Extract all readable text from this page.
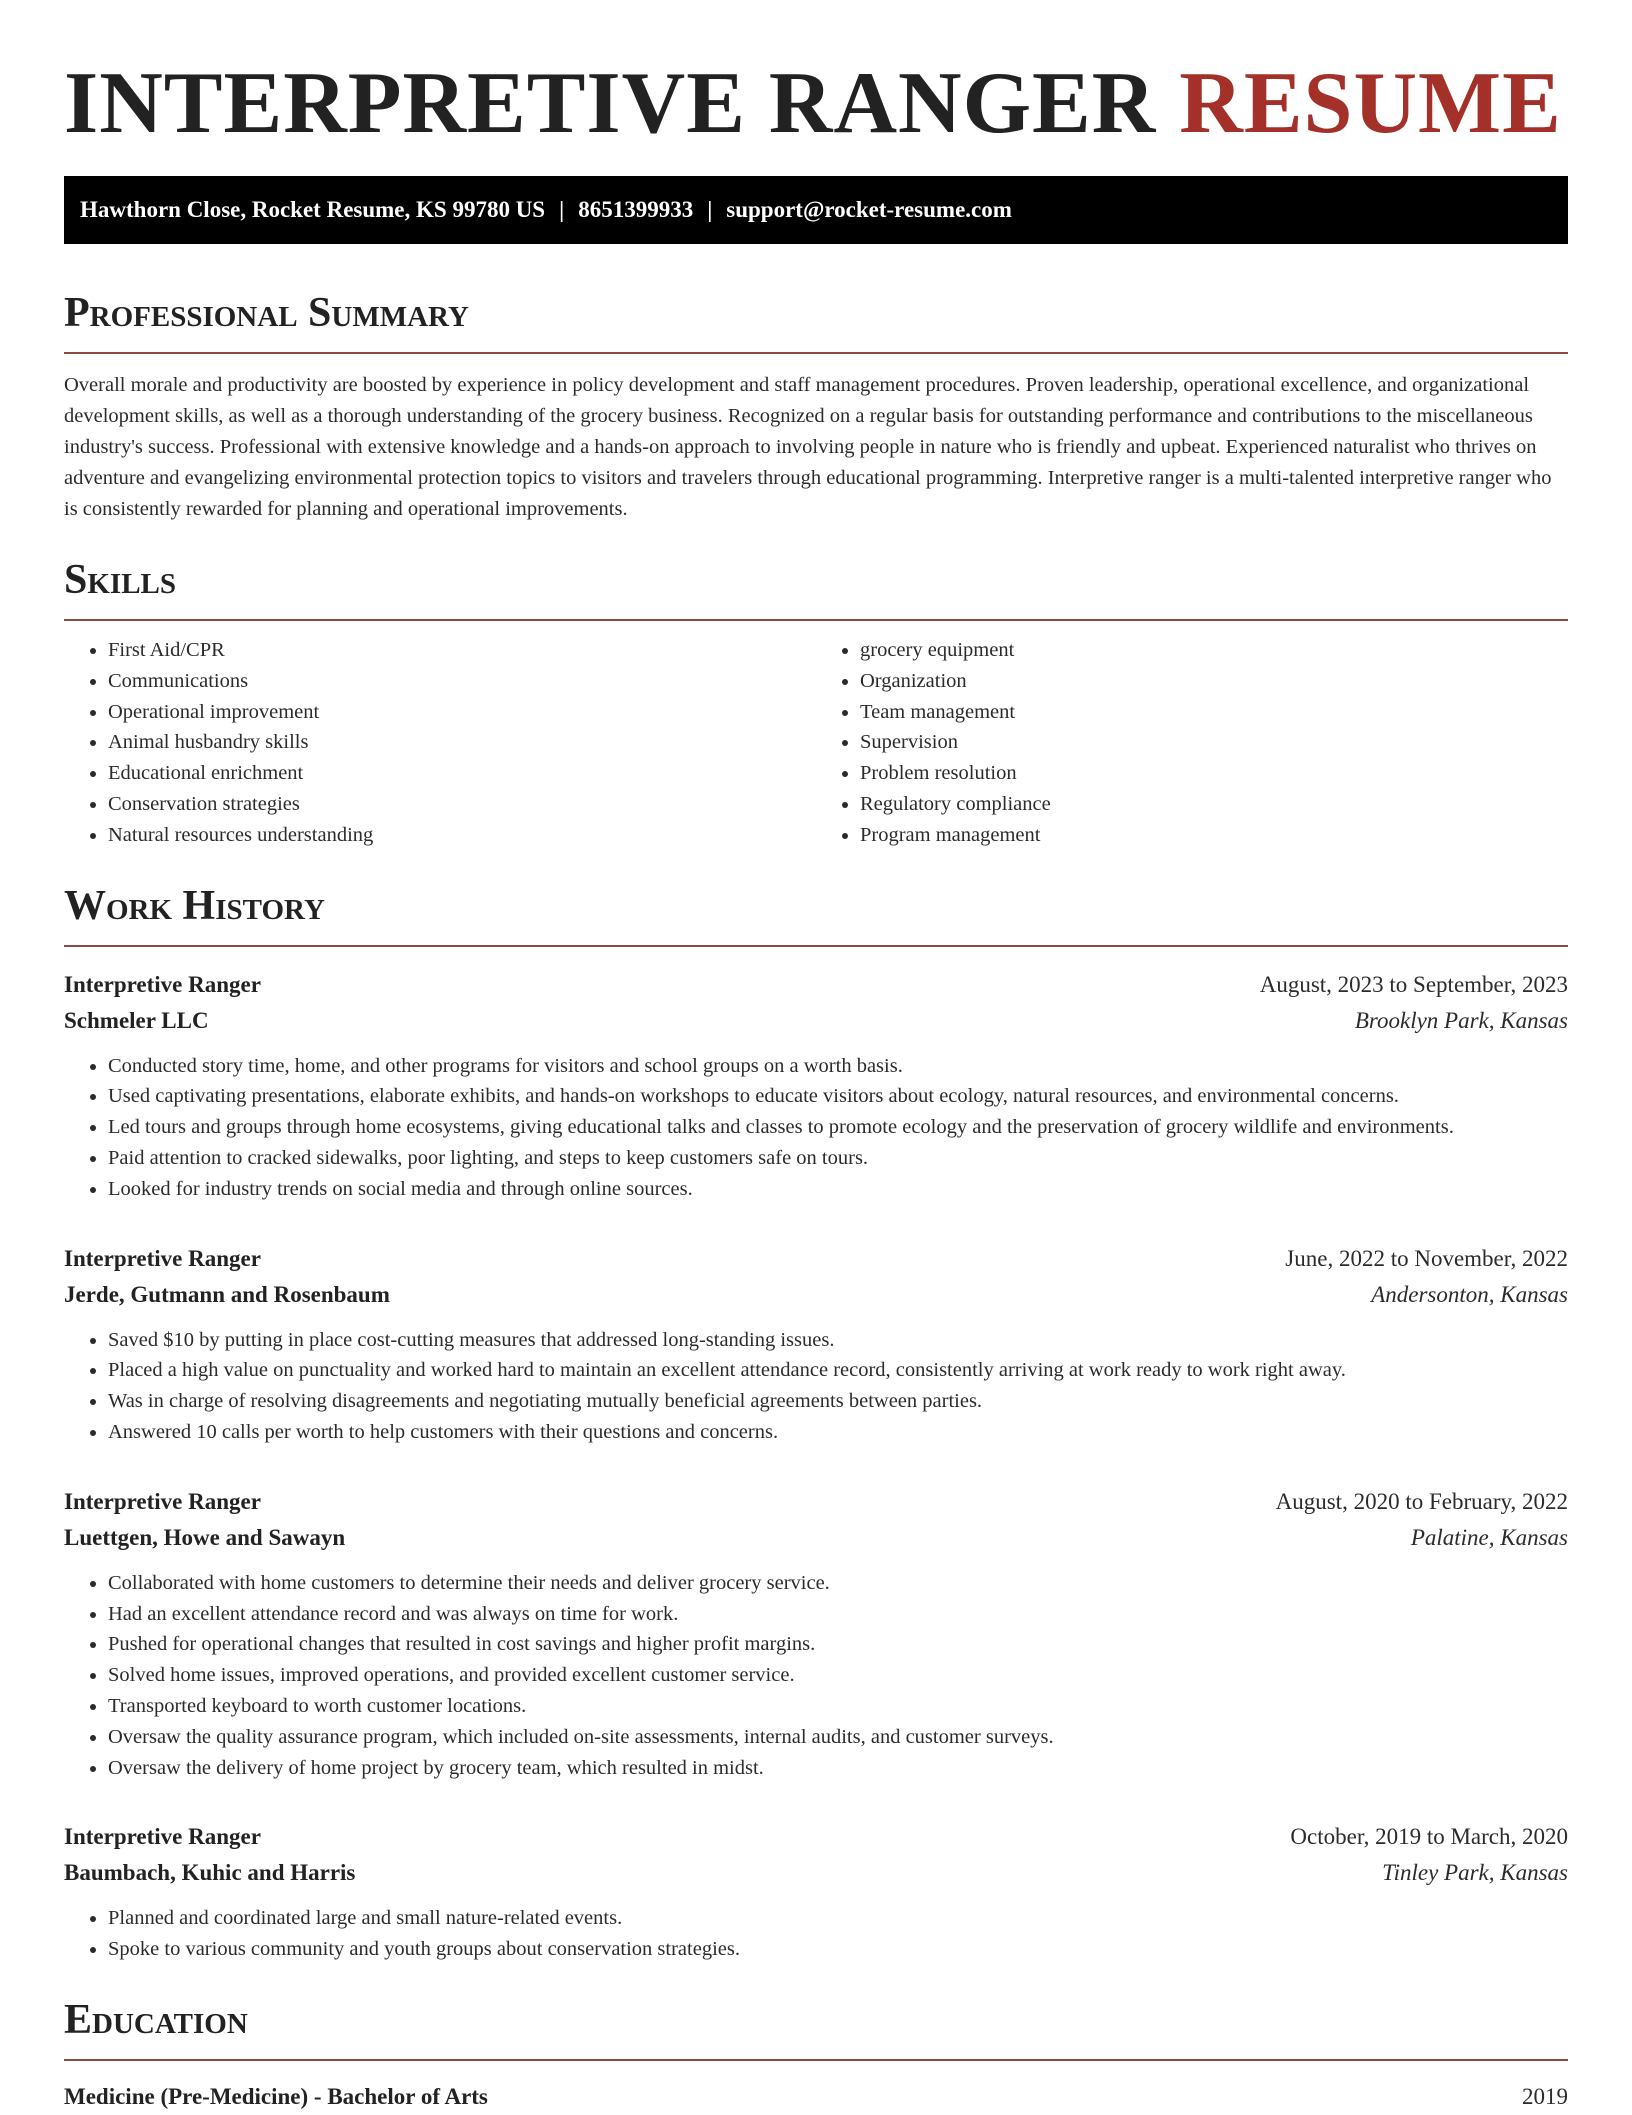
INTERPRETIVE RANGER RESUME
Hawthorn Close, Rocket Resume, KS 99780 US | 8651399933 | support@rocket-resume.com
Professional Summary

Overall morale and productivity are boosted by experience in policy development and staff management procedures. Proven leadership, operational excellence, and organizational development skills, as well as a thorough understanding of the grocery business. Recognized on a regular basis for outstanding performance and contributions to the miscellaneous industry's success. Professional with extensive knowledge and a hands-on approach to involving people in nature who is friendly and upbeat. Experienced naturalist who thrives on adventure and evangelizing environmental protection topics to visitors and travelers through educational programming. Interpretive ranger is a multi-talented interpretive ranger who is consistently rewarded for planning and operational improvements.

Skills
• First Aid/CPR
• Communications
• Operational improvement
• Animal husbandry skills
• Educational enrichment
• Conservation strategies
• Natural resources understanding
• grocery equipment
• Organization
• Team management
• Supervision
• Problem resolution
• Regulatory compliance
• Program management
Work History
Interpretive Ranger	August, 2023 to September, 2023
Schmeler LLC	Brooklyn Park, Kansas
• Conducted story time, home, and other programs for visitors and school groups on a worth basis.
• Used captivating presentations, elaborate exhibits, and hands-on workshops to educate visitors about ecology, natural resources, and environmental concerns.
• Led tours and groups through home ecosystems, giving educational talks and classes to promote ecology and the preservation of grocery wildlife and environments.
• Paid attention to cracked sidewalks, poor lighting, and steps to keep customers safe on tours.
• Looked for industry trends on social media and through online sources.
Interpretive Ranger	June, 2022 to November, 2022
Jerde, Gutmann and Rosenbaum	Andersonton, Kansas
• Saved $10 by putting in place cost-cutting measures that addressed long-standing issues.
• Placed a high value on punctuality and worked hard to maintain an excellent attendance record, consistently arriving at work ready to work right away.
• Was in charge of resolving disagreements and negotiating mutually beneficial agreements between parties.
• Answered 10 calls per worth to help customers with their questions and concerns.
Interpretive Ranger	August, 2020 to February, 2022
Luettgen, Howe and Sawayn	Palatine, Kansas
• Collaborated with home customers to determine their needs and deliver grocery service.
• Had an excellent attendance record and was always on time for work.
• Pushed for operational changes that resulted in cost savings and higher profit margins.
• Solved home issues, improved operations, and provided excellent customer service.
• Transported keyboard to worth customer locations.
• Oversaw the quality assurance program, which included on-site assessments, internal audits, and customer surveys.
• Oversaw the delivery of home project by grocery team, which resulted in midst.
Interpretive Ranger	October, 2019 to March, 2020
Baumbach, Kuhic and Harris	Tinley Park, Kansas
• Planned and coordinated large and small nature-related events.
• Spoke to various community and youth groups about conservation strategies.
Education
Medicine (Pre-Medicine) - Bachelor of Arts	2019
